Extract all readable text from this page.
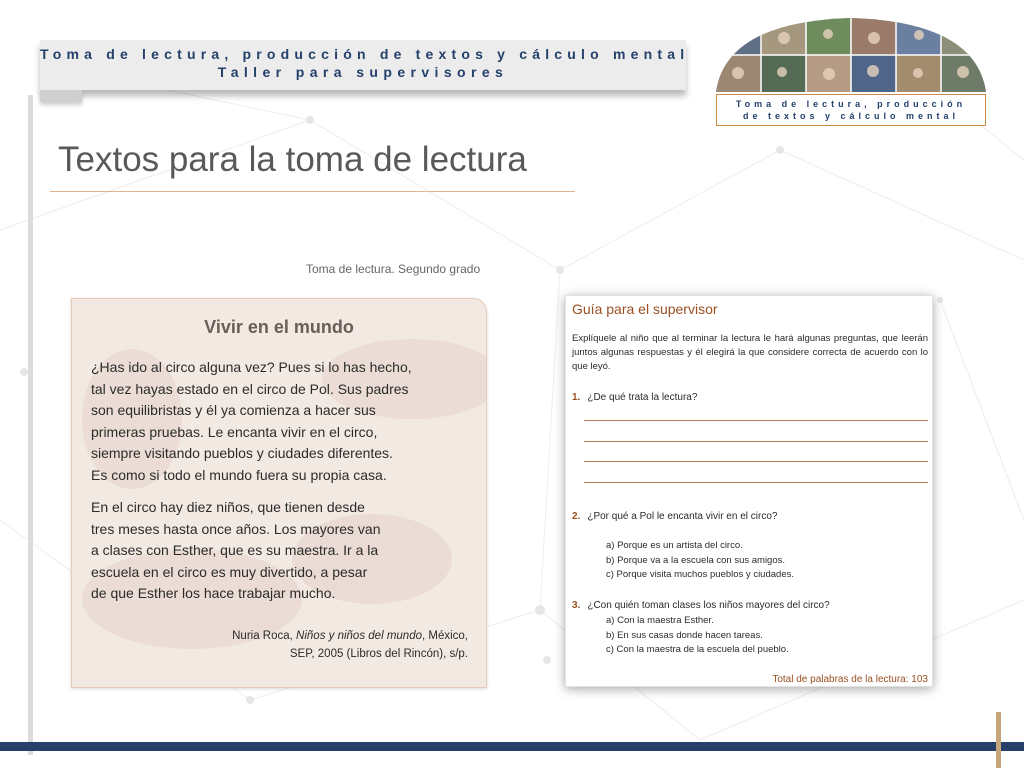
Toma de lectura, producción de textos y cálculo mental
Taller para supervisores
Toma de lectura, producción
de textos y cálculo mental
Textos para la toma de lectura
Toma de lectura. Segundo grado
Vivir en el mundo

¿Has ido al circo alguna vez? Pues si lo has hecho,
tal vez hayas estado en el circo de Pol. Sus padres
son equilibristas y él ya comienza a hacer sus
primeras pruebas. Le encanta vivir en el circo,
siempre visitando pueblos y ciudades diferentes.
Es como si todo el mundo fuera su propia casa.

En el circo hay diez niños, que tienen desde
tres meses hasta once años. Los mayores van
a clases con Esther, que es su maestra. Ir a la
escuela en el circo es muy divertido, a pesar
de que Esther los hace trabajar mucho.

Nuria Roca, Niños y niños del mundo, México,
SEP, 2005 (Libros del Rincón), s/p.
Guía para el supervisor
Explíquele al niño que al terminar la lectura le hará algunas preguntas, que leerán juntos algunas respuestas y él elegirá la que considere correcta de acuerdo con lo que leyó.
1. ¿De qué trata la lectura?
2. ¿Por qué a Pol le encanta vivir en el circo?
a) Porque es un artista del circo.
b) Porque va a la escuela con sus amigos.
c) Porque visita muchos pueblos y ciudades.
3. ¿Con quién toman clases los niños mayores del circo?
a) Con la maestra Esther.
b) En sus casas donde hacen tareas.
c) Con la maestra de la escuela del pueblo.
Total de palabras de la lectura: 103
